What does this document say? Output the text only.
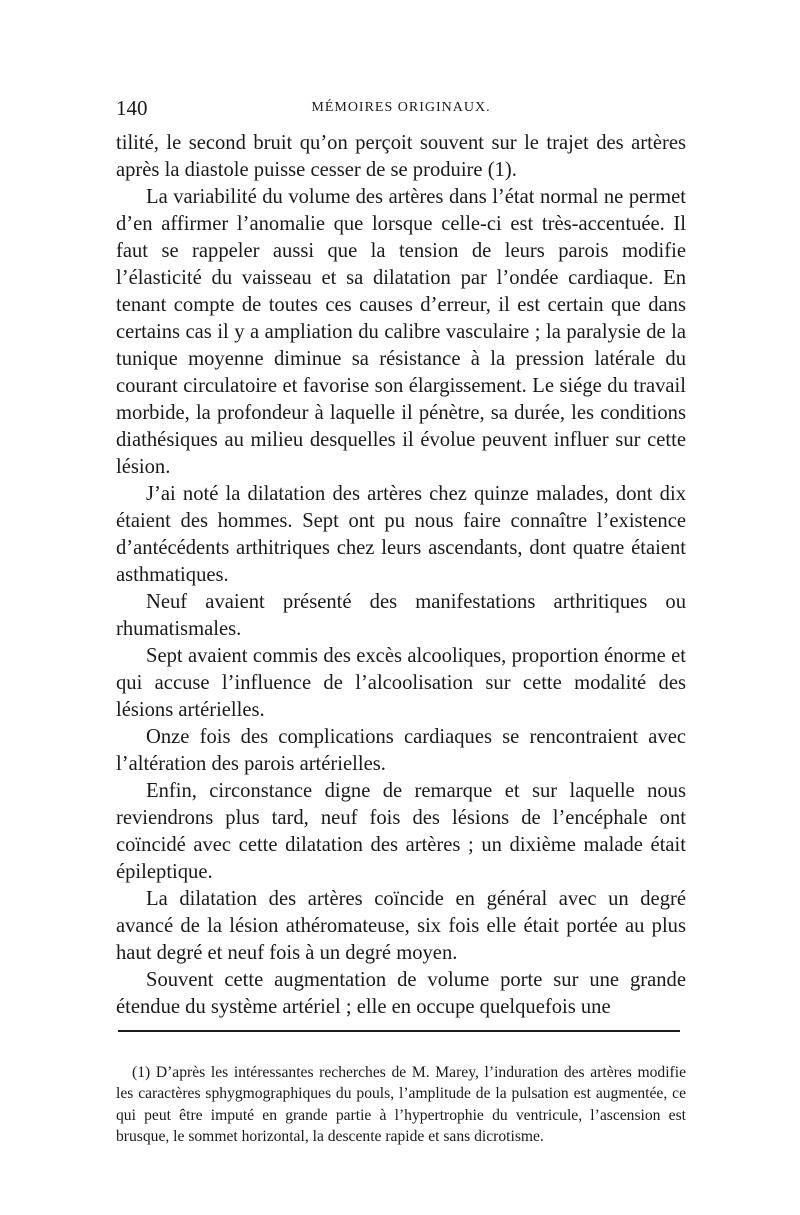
140	MÉMOIRES ORIGINAUX.

tilité, le second bruit qu’on perçoit souvent sur le trajet des artères après la diastole puisse cesser de se produire (1).

La variabilité du volume des artères dans l’état normal ne permet d’en affirmer l’anomalie que lorsque celle-ci est très-accentuée. Il faut se rappeler aussi que la tension de leurs parois modifie l’élasticité du vaisseau et sa dilatation par l’ondée cardiaque. En tenant compte de toutes ces causes d’erreur, il est certain que dans certains cas il y a ampliation du calibre vasculaire ; la paralysie de la tunique moyenne diminue sa résistance à la pression latérale du courant circulatoire et favorise son élargissement. Le siége du travail morbide, la profondeur à laquelle il pénètre, sa durée, les conditions diathésiques au milieu desquelles il évolue peuvent influer sur cette lésion.

J’ai noté la dilatation des artères chez quinze malades, dont dix étaient des hommes. Sept ont pu nous faire connaître l’existence d’antécédents arthitriques chez leurs ascendants, dont quatre étaient asthmatiques.

Neuf avaient présenté des manifestations arthritiques ou rhumatismales.

Sept avaient commis des excès alcooliques, proportion énorme et qui accuse l’influence de l’alcoolisation sur cette modalité des lésions artérielles.

Onze fois des complications cardiaques se rencontraient avec l’altération des parois artérielles.

Enfin, circonstance digne de remarque et sur laquelle nous reviendrons plus tard, neuf fois des lésions de l’encéphale ont coïncidé avec cette dilatation des artères ; un dixième malade était épileptique.

La dilatation des artères coïncide en général avec un degré avancé de la lésion athéromateuse, six fois elle était portée au plus haut degré et neuf fois à un degré moyen.

Souvent cette augmentation de volume porte sur une grande étendue du système artériel ; elle en occupe quelquefois une

(1) D’après les intéressantes recherches de M. Marey, l’induration des artères modifie les caractères sphygmographiques du pouls, l’amplitude de la pulsation est augmentée, ce qui peut être imputé en grande partie à l’hypertrophie du ventricule, l’ascension est brusque, le sommet horizontal, la descente rapide et sans dicrotisme.
